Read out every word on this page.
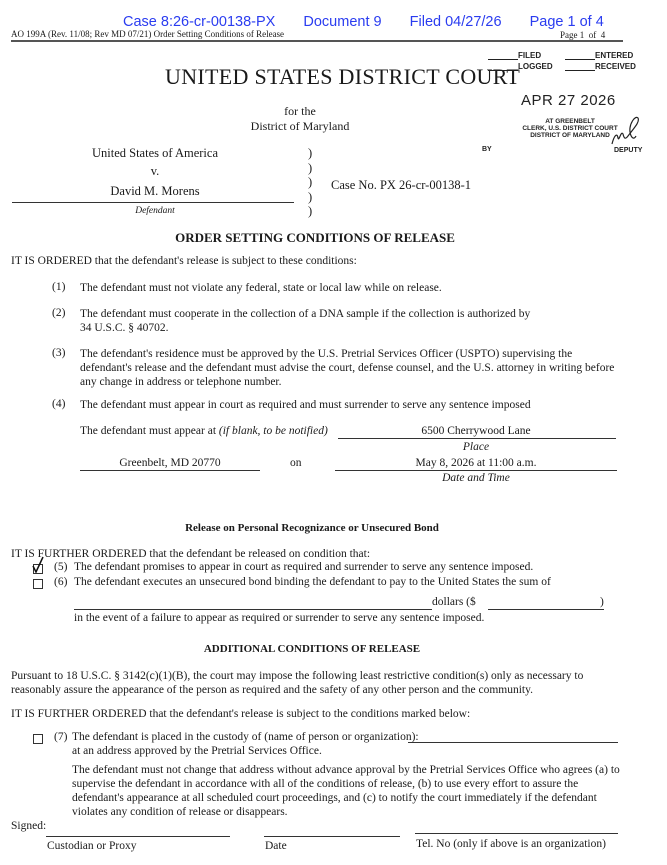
Case 8:26-cr-00138-PX Document 9 Filed 04/27/26 Page 1 of 4
AO 199A (Rev. 11/08; Rev MD 07/21) Order Setting Conditions of Release	Page 1 of 4
UNITED STATES DISTRICT COURT
for the
District of Maryland
FILED	ENTERED
LOGGED	RECEIVED
APR 27 2026
AT GREENBELT
CLERK, U.S. DISTRICT COURT
DISTRICT OF MARYLAND
BY	DEPUTY
United States of America
v.
David M. Morens
Defendant
)
)
)
)
)
Case No. PX 26-cr-00138-1
ORDER SETTING CONDITIONS OF RELEASE
IT IS ORDERED that the defendant's release is subject to these conditions:
(1) The defendant must not violate any federal, state or local law while on release.
(2) The defendant must cooperate in the collection of a DNA sample if the collection is authorized by 34 U.S.C. § 40702.
(3) The defendant's residence must be approved by the U.S. Pretrial Services Officer (USPTO) supervising the defendant's release and the defendant must advise the court, defense counsel, and the U.S. attorney in writing before any change in address or telephone number.
(4) The defendant must appear in court as required and must surrender to serve any sentence imposed
The defendant must appear at (if blank, to be notified)	6500 Cherrywood Lane
Place
Greenbelt, MD 20770	on	May 8, 2026 at 11:00 a.m.
Date and Time
Release on Personal Recognizance or Unsecured Bond
IT IS FURTHER ORDERED that the defendant be released on condition that:
(5) The defendant promises to appear in court as required and surrender to serve any sentence imposed.
(6) The defendant executes an unsecured bond binding the defendant to pay to the United States the sum of
dollars ($	)
in the event of a failure to appear as required or surrender to serve any sentence imposed.
ADDITIONAL CONDITIONS OF RELEASE
Pursuant to 18 U.S.C. § 3142(c)(1)(B), the court may impose the following least restrictive condition(s) only as necessary to reasonably assure the appearance of the person as required and the safety of any other person and the community.
IT IS FURTHER ORDERED that the defendant's release is subject to the conditions marked below:
(7) The defendant is placed in the custody of (name of person or organization):
at an address approved by the Pretrial Services Office.
The defendant must not change that address without advance approval by the Pretrial Services Office who agrees (a) to supervise the defendant in accordance with all of the conditions of release, (b) to use every effort to assure the defendant's appearance at all scheduled court proceedings, and (c) to notify the court immediately if the defendant violates any condition of release or disappears.
Signed:
Custodian or Proxy	Date	Tel. No (only if above is an organization)
